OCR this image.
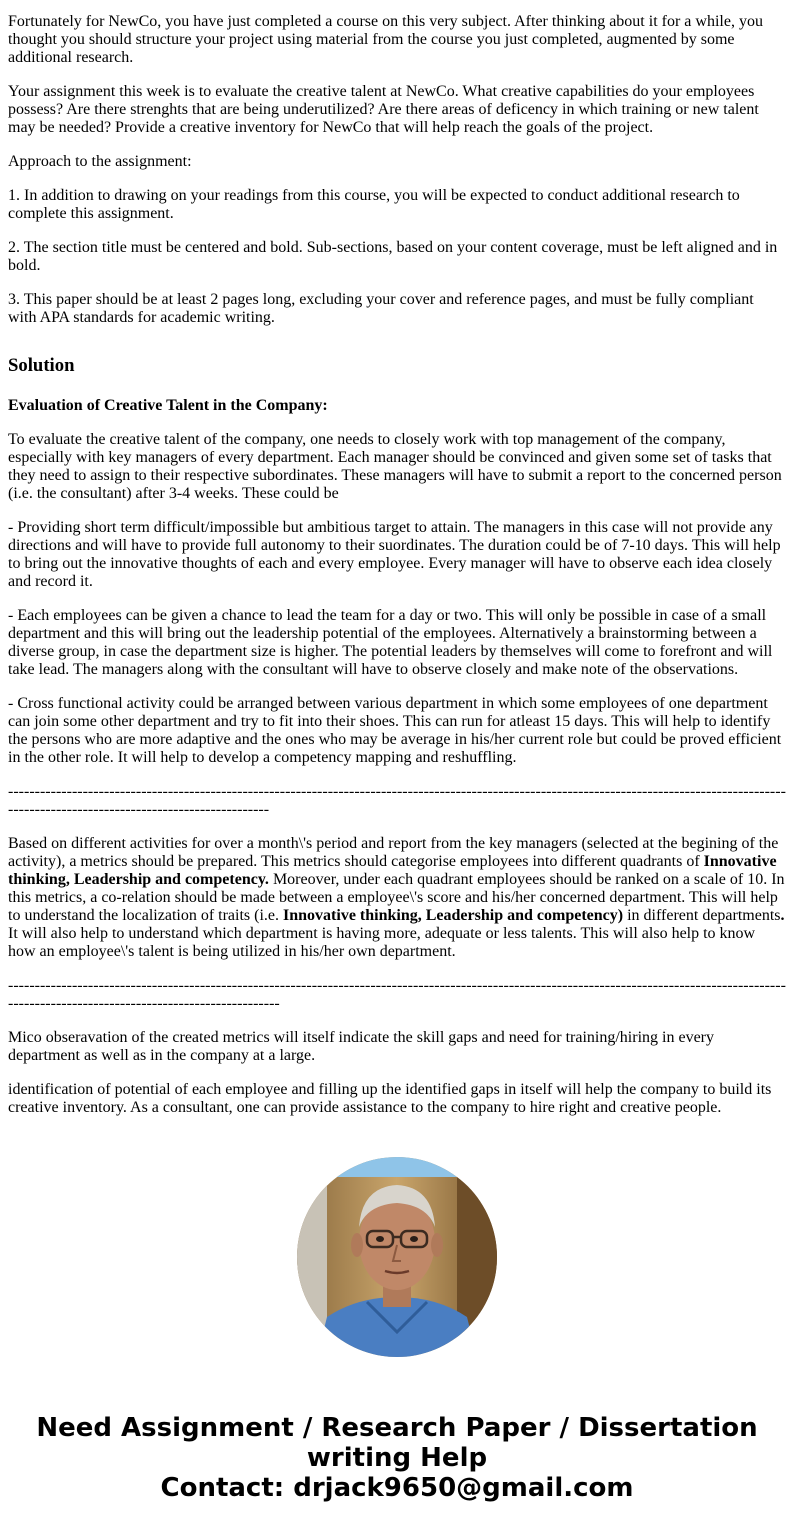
Fortunately for NewCo, you have just completed a course on this very subject. After thinking about it for a while, you thought you should structure your project using material from the course you just completed, augmented by some additional research.

Your assignment this week is to evaluate the creative talent at NewCo. What creative capabilities do your employees possess? Are there strenghts that are being underutilized? Are there areas of deficency in which training or new talent may be needed? Provide a creative inventory for NewCo that will help reach the goals of the project.

Approach to the assignment:

1. In addition to drawing on your readings from this course, you will be expected to conduct additional research to complete this assignment.

2. The section title must be centered and bold. Sub-sections, based on your content coverage, must be left aligned and in bold.

3. This paper should be at least 2 pages long, excluding your cover and reference pages, and must be fully compliant with APA standards for academic writing.

Solution

Evaluation of Creative Talent in the Company:

To evaluate the creative talent of the company, one needs to closely work with top management of the company, especially with key managers of every department. Each manager should be convinced and given some set of tasks that they need to assign to their respective subordinates. These managers will have to submit a report to the concerned person (i.e. the consultant) after 3-4 weeks. These could be

- Providing short term difficult/impossible but ambitious target to attain. The managers in this case will not provide any directions and will have to provide full autonomy to their suordinates. The duration could be of 7-10 days. This will help to bring out the innovative thoughts of each and every employee. Every manager will have to observe each idea closely and record it.

- Each employees can be given a chance to lead the team for a day or two. This will only be possible in case of a small department and this will bring out the leadership potential of the employees. Alternatively a brainstorming between a diverse group, in case the department size is higher. The potential leaders by themselves will come to forefront and will take lead. The managers along with the consultant will have to observe closely and make note of the observations.

- Cross functional activity could be arranged between various department in which some employees of one department can join some other department and try to fit into their shoes. This can run for atleast 15 days. This will help to identify the persons who are more adaptive and the ones who may be average in his/her current role but could be proved efficient in the other role. It will help to develop a competency mapping and reshuffling.

---------------------------------------------------------------------------------------------------------------------------------------------------------------------------------------------------

Based on different activities for over a month\'s period and report from the key managers (selected at the begining of the activity), a metrics should be prepared. This metrics should categorise employees into different quadrants of Innovative thinking, Leadership and competency. Moreover, under each quadrant employees should be ranked on a scale of 10. In this metrics, a co-relation should be made between a employee\'s score and his/her concerned department. This will help to understand the localization of traits (i.e. Innovative thinking, Leadership and competency) in different departments. It will also help to understand which department is having more, adequate or less talents. This will also help to know how an employee\'s talent is being utilized in his/her own department.

-----------------------------------------------------------------------------------------------------------------------------------------------------------------------------------------------------

Mico obseravation of the created metrics will itself indicate the skill gaps and need for training/hiring in every department as well as in the company at a large.

identification of potential of each employee and filling up the identified gaps in itself will help the company to build its creative inventory. As a consultant, one can provide assistance to the company to hire right and creative people.

Need Assignment / Research Paper / Dissertation writing Help
Contact: drjack9650@gmail.com
